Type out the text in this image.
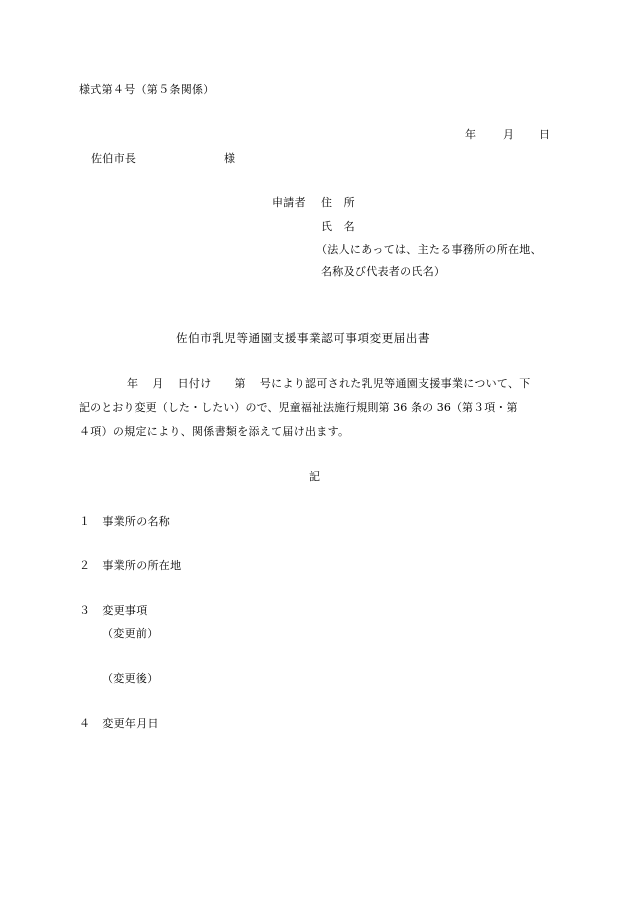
様式第４号（第５条関係）
年 月 日
佐伯市長	様
申請者 住　所
氏　名
（法人にあっては、主たる事務所の所在地、
名称及び代表者の氏名）
佐伯市乳児等通園支援事業認可事項変更届出書
年 月 日付け 第 号により認可された乳児等通園支援事業について、下
記のとおり変更（した・したい）ので、児童福祉法施行規則第 36 条の 36（第３項・第
４項）の規定により、関係書類を添えて届け出ます。
記
１ 事業所の名称
２ 事業所の所在地
３ 変更事項
（変更前）
（変更後）
４ 変更年月日
